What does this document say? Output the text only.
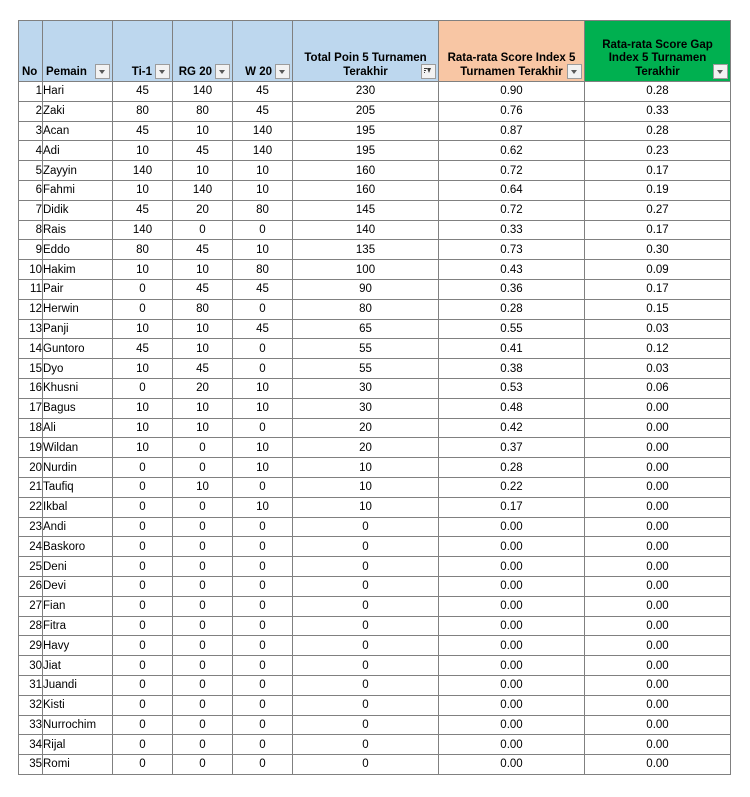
No	Pemain	Ti-1	RG 20	W 20	Total Poin 5 Turnamen Terakhir	Rata-rata Score Index 5 Turnamen Terakhir	Rata-rata Score Gap Index 5 Turnamen Terakhir

1	Hari	45	140	45	230	0.90	0.28
2	Zaki	80	80	45	205	0.76	0.33
3	Acan	45	10	140	195	0.87	0.28
4	Adi	10	45	140	195	0.62	0.23
5	Zayyin	140	10	10	160	0.72	0.17
6	Fahmi	10	140	10	160	0.64	0.19
7	Didik	45	20	80	145	0.72	0.27
8	Rais	140	0	0	140	0.33	0.17
9	Eddo	80	45	10	135	0.73	0.30
10	Hakim	10	10	80	100	0.43	0.09
11	Pair	0	45	45	90	0.36	0.17
12	Herwin	0	80	0	80	0.28	0.15
13	Panji	10	10	45	65	0.55	0.03
14	Guntoro	45	10	0	55	0.41	0.12
15	Dyo	10	45	0	55	0.38	0.03
16	Khusni	0	20	10	30	0.53	0.06
17	Bagus	10	10	10	30	0.48	0.00
18	Ali	10	10	0	20	0.42	0.00
19	Wildan	10	0	10	20	0.37	0.00
20	Nurdin	0	0	10	10	0.28	0.00
21	Taufiq	0	10	0	10	0.22	0.00
22	Ikbal	0	0	10	10	0.17	0.00
23	Andi	0	0	0	0	0.00	0.00
24	Baskoro	0	0	0	0	0.00	0.00
25	Deni	0	0	0	0	0.00	0.00
26	Devi	0	0	0	0	0.00	0.00
27	Fian	0	0	0	0	0.00	0.00
28	Fitra	0	0	0	0	0.00	0.00
29	Havy	0	0	0	0	0.00	0.00
30	Jiat	0	0	0	0	0.00	0.00
31	Juandi	0	0	0	0	0.00	0.00
32	Kisti	0	0	0	0	0.00	0.00
33	Nurrochim	0	0	0	0	0.00	0.00
34	Rijal	0	0	0	0	0.00	0.00
35	Romi	0	0	0	0	0.00	0.00
